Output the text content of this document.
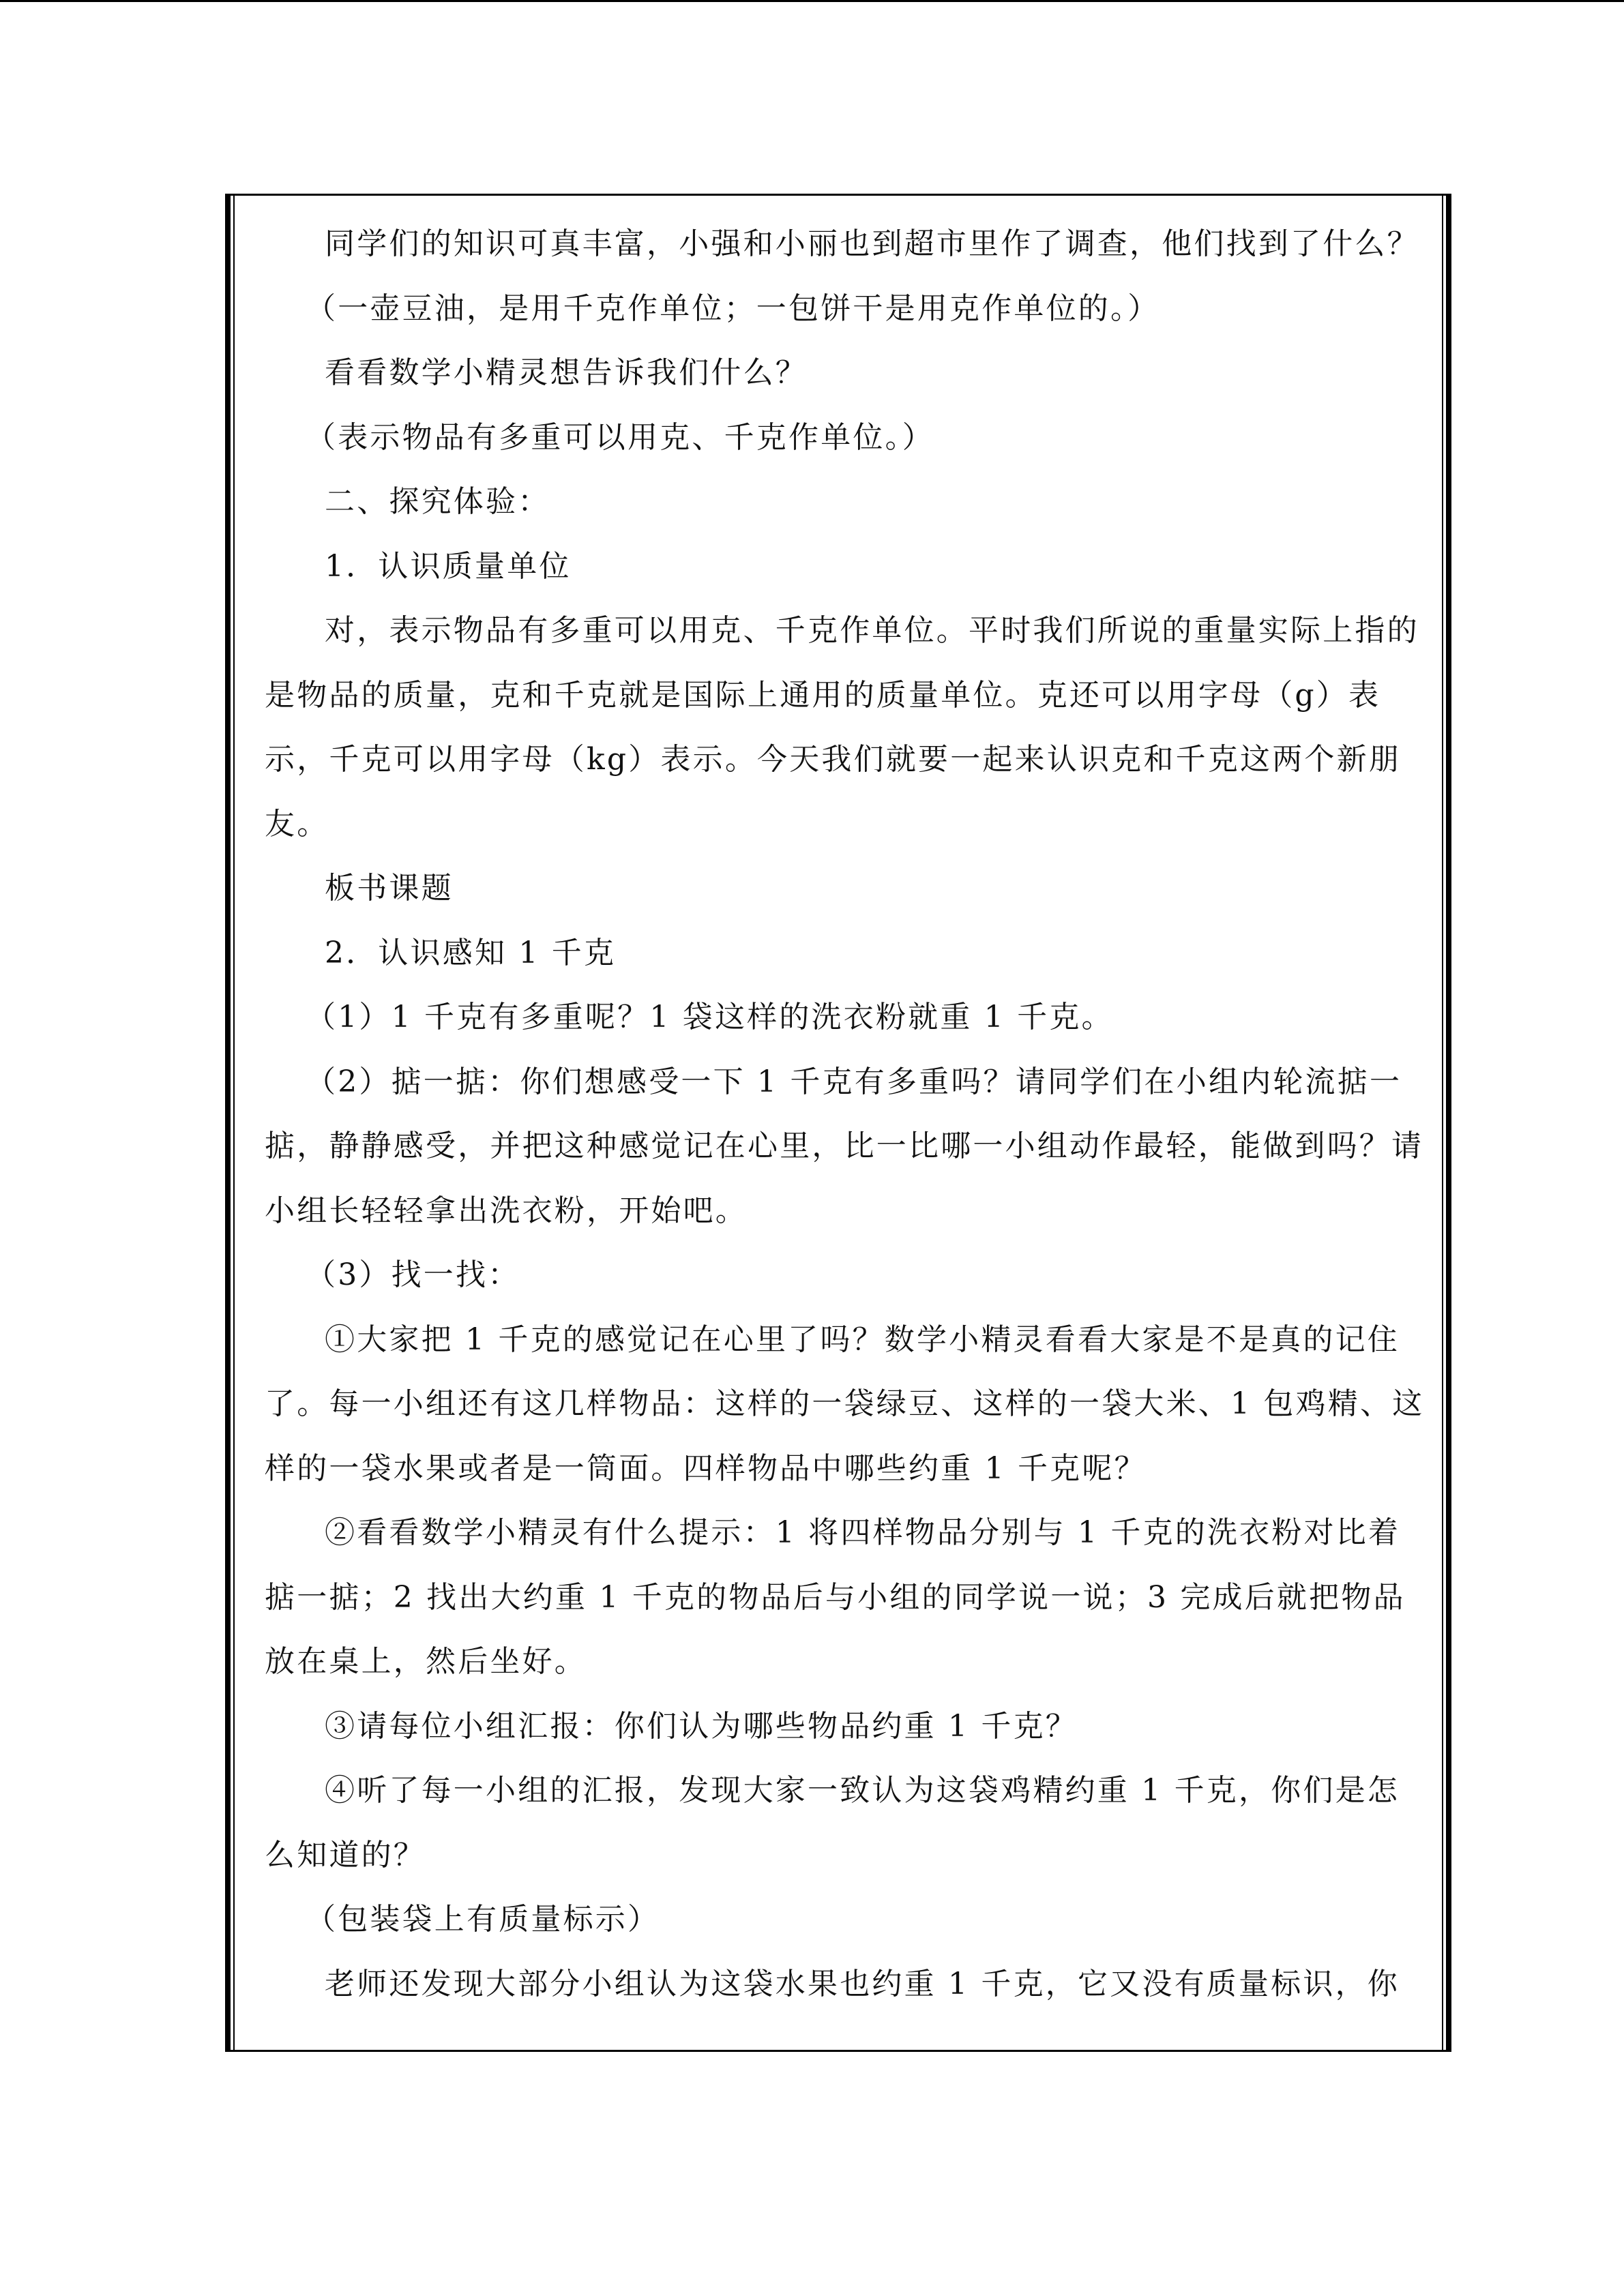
同学们的知识可真丰富，小强和小丽也到超市里作了调查，他们找到了什么？

（一壶豆油，是用千克作单位；一包饼干是用克作单位的。）

看看数学小精灵想告诉我们什么？

（表示物品有多重可以用克、千克作单位。）

二、探究体验：

1．认识质量单位

对，表示物品有多重可以用克、千克作单位。平时我们所说的重量实际上指的是物品的质量，克和千克就是国际上通用的质量单位。克还可以用字母（g）表示，千克可以用字母（kg）表示。今天我们就要一起来认识克和千克这两个新朋友。

板书课题

2．认识感知 1 千克

（1）1 千克有多重呢？1 袋这样的洗衣粉就重 1 千克。

（2）掂一掂：你们想感受一下 1 千克有多重吗？请同学们在小组内轮流掂一掂，静静感受，并把这种感觉记在心里，比一比哪一小组动作最轻，能做到吗？请小组长轻轻拿出洗衣粉，开始吧。

（3）找一找：

①大家把 1 千克的感觉记在心里了吗？数学小精灵看看大家是不是真的记住了。每一小组还有这几样物品：这样的一袋绿豆、这样的一袋大米、1 包鸡精、这样的一袋水果或者是一筒面。四样物品中哪些约重 1 千克呢？

②看看数学小精灵有什么提示：1 将四样物品分别与 1 千克的洗衣粉对比着掂一掂；2 找出大约重 1 千克的物品后与小组的同学说一说；3 完成后就把物品放在桌上，然后坐好。

③请每位小组汇报：你们认为哪些物品约重 1 千克？

④听了每一小组的汇报，发现大家一致认为这袋鸡精约重 1 千克，你们是怎么知道的？

（包装袋上有质量标示）

老师还发现大部分小组认为这袋水果也约重 1 千克，它又没有质量标识，你
